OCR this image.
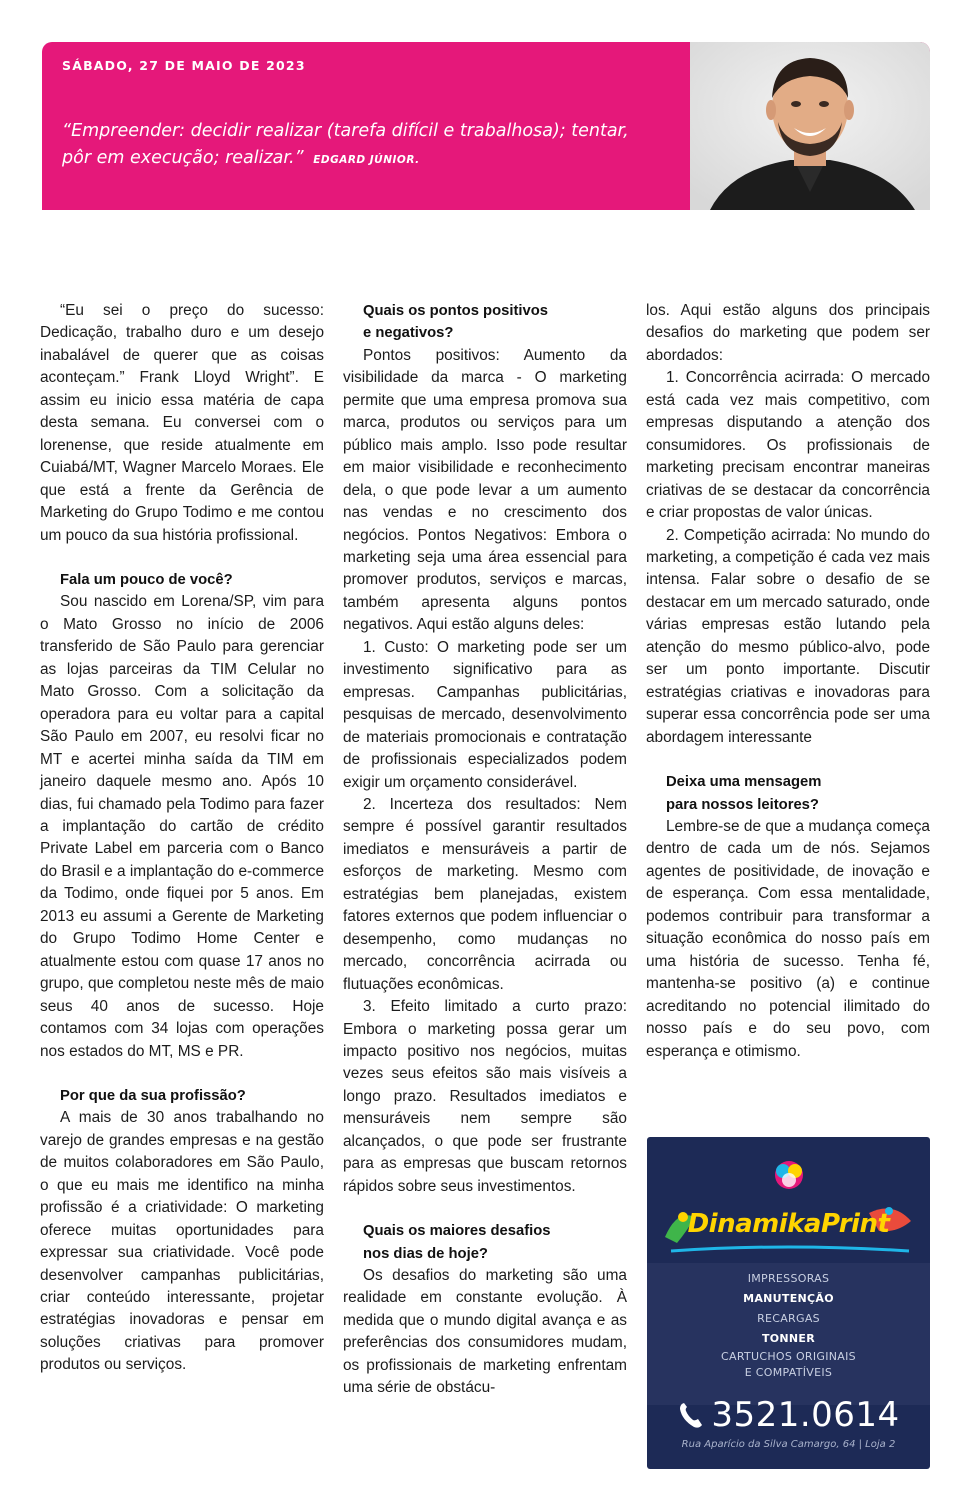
SÁBADO, 27 DE MAIO DE 2023
“Empreender: decidir realizar (tarefa difícil e trabalhosa); tentar,
pôr em execução; realizar.” EDGARD JÚNIOR.

“Eu sei o preço do sucesso: Dedicação, trabalho duro e um desejo inabalável de querer que as coisas aconteçam.” Frank Lloyd Wright”. E assim eu inicio essa matéria de capa desta semana. Eu conversei com o lorenense, que reside atualmente em Cuiabá/MT, Wagner Marcelo Moraes. Ele que está a frente da Gerência de Marketing do Grupo Todimo e me contou um pouco da sua história profissional.

Fala um pouco de você?

Sou nascido em Lorena/SP, vim para o Mato Grosso no início de 2006 transferido de São Paulo para gerenciar as lojas parceiras da TIM Celular no Mato Grosso. Com a solicitação da operadora para eu voltar para a capital São Paulo em 2007, eu resolvi ficar no MT e acertei minha saída da TIM em janeiro daquele mesmo ano. Após 10 dias, fui chamado pela Todimo para fazer a implantação do cartão de crédito Private Label em parceria com o Banco do Brasil e a implantação do e-commerce da Todimo, onde fiquei por 5 anos. Em 2013 eu assumi a Gerente de Marketing do Grupo Todimo Home Center e atualmente estou com quase 17 anos no grupo, que completou neste mês de maio seus 40 anos de sucesso. Hoje contamos com 34 lojas com operações nos estados do MT, MS e PR.

Por que da sua profissão?

A mais de 30 anos trabalhando no varejo de grandes empresas e na gestão de muitos colaboradores em São Paulo, o que eu mais me identifico na minha profissão é a criatividade: O marketing oferece muitas oportunidades para expressar sua criatividade. Você pode desenvolver campanhas publicitárias, criar conteúdo interessante, projetar estratégias inovadoras e pensar em soluções criativas para promover produtos ou serviços.

Quais os pontos positivos
e negativos?

Pontos positivos: Aumento da visibilidade da marca - O marketing permite que uma empresa promova sua marca, produtos ou serviços para um público mais amplo. Isso pode resultar em maior visibilidade e reconhecimento dela, o que pode levar a um aumento nas vendas e no crescimento dos negócios. Pontos Negativos: Embora o marketing seja uma área essencial para promover produtos, serviços e marcas, também apresenta alguns pontos negativos. Aqui estão alguns deles:

1. Custo: O marketing pode ser um investimento significativo para as empresas. Campanhas publicitárias, pesquisas de mercado, desenvolvimento de materiais promocionais e contratação de profissionais especializados podem exigir um orçamento considerável.

2. Incerteza dos resultados: Nem sempre é possível garantir resultados imediatos e mensuráveis a partir de esforços de marketing. Mesmo com estratégias bem planejadas, existem fatores externos que podem influenciar o desempenho, como mudanças no mercado, concorrência acirrada ou flutuações econômicas.

3. Efeito limitado a curto prazo: Embora o marketing possa gerar um impacto positivo nos negócios, muitas vezes seus efeitos são mais visíveis a longo prazo. Resultados imediatos e mensuráveis nem sempre são alcançados, o que pode ser frustrante para as empresas que buscam retornos rápidos sobre seus investimentos.

Quais os maiores desafios
nos dias de hoje?

Os desafios do marketing são uma realidade em constante evolução. À medida que o mundo digital avança e as preferências dos consumidores mudam, os profissionais de marketing enfrentam uma série de obstácu-

los. Aqui estão alguns dos principais desafios do marketing que podem ser abordados:

1. Concorrência acirrada: O mercado está cada vez mais competitivo, com empresas disputando a atenção dos consumidores. Os profissionais de marketing precisam encontrar maneiras criativas de se destacar da concorrência e criar propostas de valor únicas.

2. Competição acirrada: No mundo do marketing, a competição é cada vez mais intensa. Falar sobre o desafio de se destacar em um mercado saturado, onde várias empresas estão lutando pela atenção do mesmo público-alvo, pode ser um ponto importante. Discutir estratégias criativas e inovadoras para superar essa concorrência pode ser uma abordagem interessante

Deixa uma mensagem
para nossos leitores?

Lembre-se de que a mudança começa dentro de cada um de nós. Sejamos agentes de positividade, de inovação e de esperança. Com essa mentalidade, podemos contribuir para transformar a situação econômica do nosso país em uma história de sucesso. Tenha fé, mantenha-se positivo (a) e continue acreditando no potencial ilimitado do nosso país e do seu povo, com esperança e otimismo.

DinamikaPrint
IMPRESSORAS
MANUTENÇÃO
RECARGAS
TONNER
CARTUCHOS ORIGINAIS
E COMPATÍVEIS
3521.0614
Rua Aparício da Silva Camargo, 64 | Loja 2
